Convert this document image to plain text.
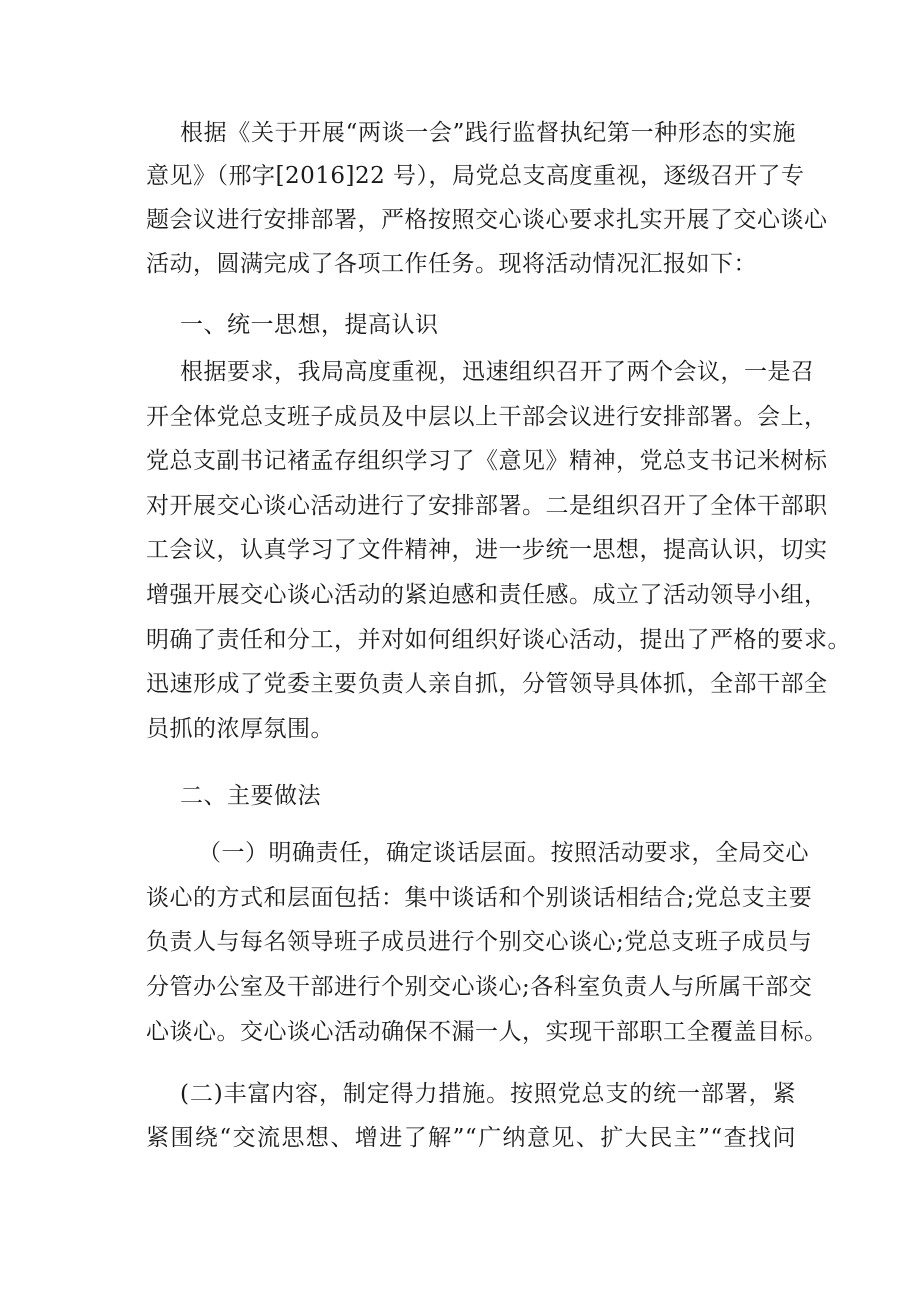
根据《关于开展“两谈一会”践行监督执纪第一种形态的实施
意见》（邢字[2016]22 号），局党总支高度重视，逐级召开了专
题会议进行安排部署，严格按照交心谈心要求扎实开展了交心谈心
活动，圆满完成了各项工作任务。现将活动情况汇报如下：
一、统一思想，提高认识
根据要求，我局高度重视，迅速组织召开了两个会议，一是召
开全体党总支班子成员及中层以上干部会议进行安排部署。会上，
党总支副书记褚孟存组织学习了《意见》精神，党总支书记米树标
对开展交心谈心活动进行了安排部署。二是组织召开了全体干部职
工会议，认真学习了文件精神，进一步统一思想，提高认识，切实
增强开展交心谈心活动的紧迫感和责任感。成立了活动领导小组，
明确了责任和分工，并对如何组织好谈心活动，提出了严格的要求。
迅速形成了党委主要负责人亲自抓，分管领导具体抓，全部干部全
员抓的浓厚氛围。
二、主要做法
（一）明确责任，确定谈话层面。按照活动要求，全局交心
谈心的方式和层面包括：集中谈话和个别谈话相结合;党总支主要
负责人与每名领导班子成员进行个别交心谈心;党总支班子成员与
分管办公室及干部进行个别交心谈心;各科室负责人与所属干部交
心谈心。交心谈心活动确保不漏一人，实现干部职工全覆盖目标。
(二)丰富内容，制定得力措施。按照党总支的统一部署，紧
紧围绕“交流思想、增进了解”“广纳意见、扩大民主”“查找问
